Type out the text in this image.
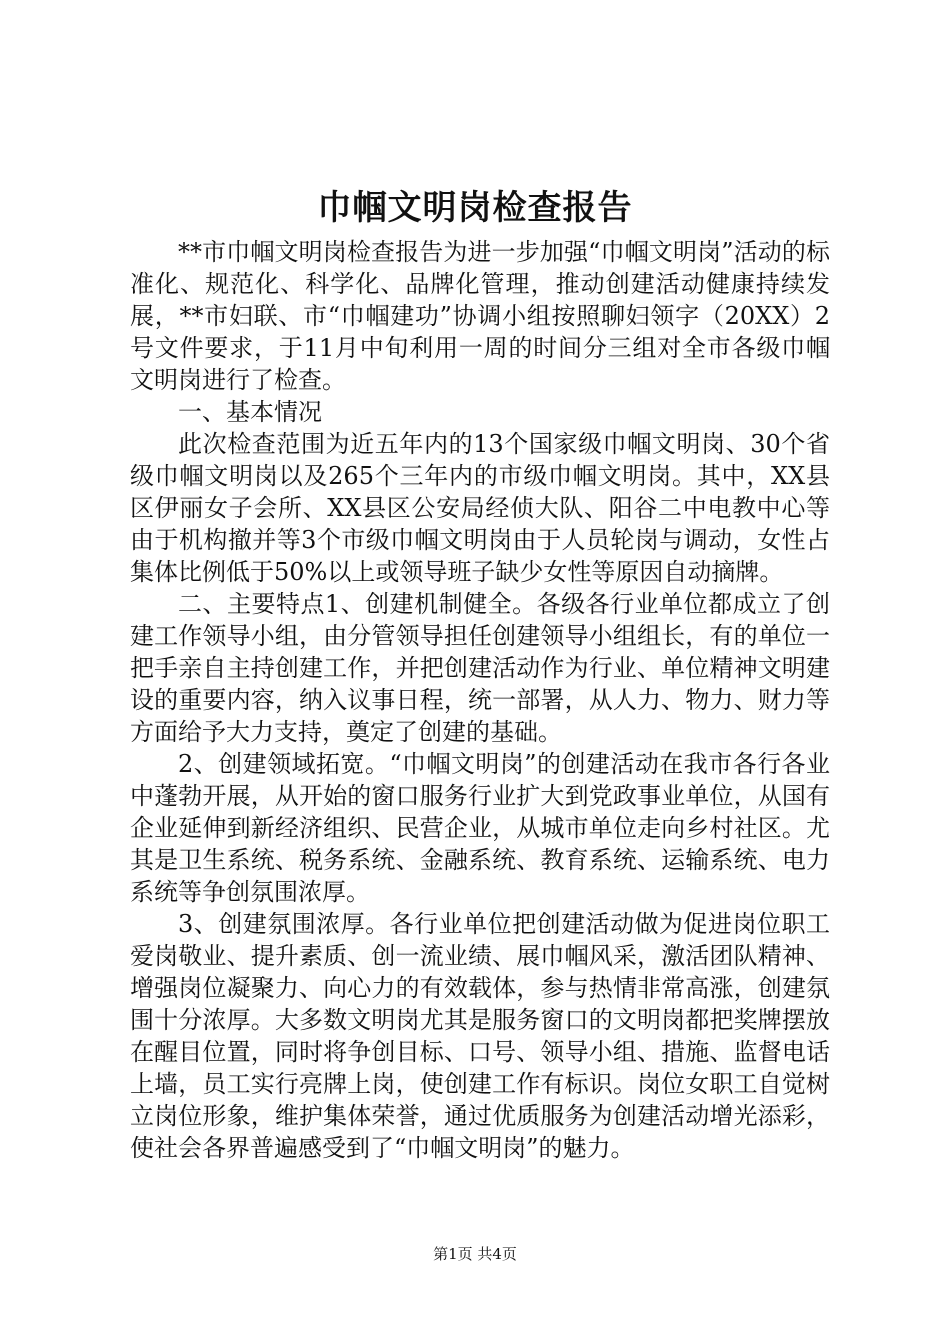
巾帼文明岗检查报告

**市巾帼文明岗检查报告为进一步加强“巾帼文明岗”活动的标准化、规范化、科学化、品牌化管理，推动创建活动健康持续发展，**市妇联、市“巾帼建功”协调小组按照聊妇领字（20XX）2号文件要求，于11月中旬利用一周的时间分三组对全市各级巾帼文明岗进行了检查。

一、基本情况

此次检查范围为近五年内的13个国家级巾帼文明岗、30个省级巾帼文明岗以及265个三年内的市级巾帼文明岗。其中，XX县区伊丽女子会所、XX县区公安局经侦大队、阳谷二中电教中心等由于机构撤并等3个市级巾帼文明岗由于人员轮岗与调动，女性占集体比例低于50%以上或领导班子缺少女性等原因自动摘牌。

二、主要特点1、创建机制健全。各级各行业单位都成立了创建工作领导小组，由分管领导担任创建领导小组组长，有的单位一把手亲自主持创建工作，并把创建活动作为行业、单位精神文明建设的重要内容，纳入议事日程，统一部署，从人力、物力、财力等方面给予大力支持，奠定了创建的基础。

2、创建领域拓宽。“巾帼文明岗”的创建活动在我市各行各业中蓬勃开展，从开始的窗口服务行业扩大到党政事业单位，从国有企业延伸到新经济组织、民营企业，从城市单位走向乡村社区。尤其是卫生系统、税务系统、金融系统、教育系统、运输系统、电力系统等争创氛围浓厚。

3、创建氛围浓厚。各行业单位把创建活动做为促进岗位职工爱岗敬业、提升素质、创一流业绩、展巾帼风采，激活团队精神、增强岗位凝聚力、向心力的有效载体，参与热情非常高涨，创建氛围十分浓厚。大多数文明岗尤其是服务窗口的文明岗都把奖牌摆放在醒目位置，同时将争创目标、口号、领导小组、措施、监督电话上墙，员工实行亮牌上岗，使创建工作有标识。岗位女职工自觉树立岗位形象，维护集体荣誉，通过优质服务为创建活动增光添彩，使社会各界普遍感受到了“巾帼文明岗”的魅力。

第1页 共4页
